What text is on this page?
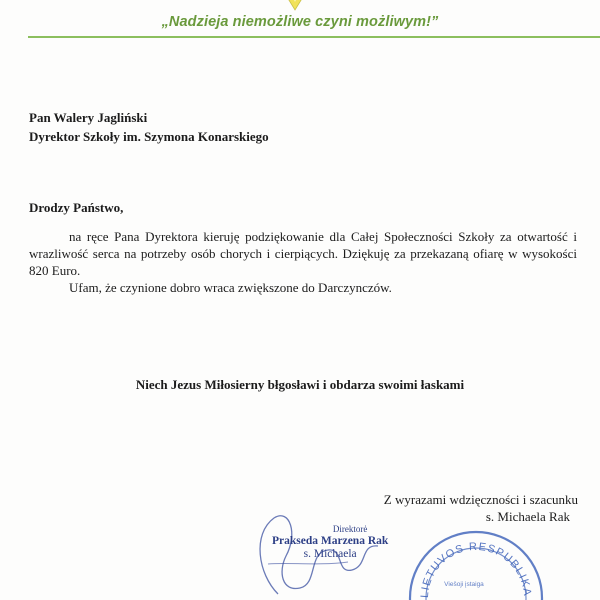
„Nadzieja niemożliwe czyni możliwym!”
Pan Walery Jagliński
Dyrektor Szkoły im. Szymona Konarskiego
Drodzy Państwo,

na ręce Pana Dyrektora kieruję podziękowanie dla Całej Społeczności Szkoły za otwartość i wrazliwość serca na potrzeby osób chorych i cierpiących. Dziękuję za przekazaną ofiarę w wysokości 820 Euro.

Ufam, że czynione dobro wraca zwiększone do Darczynczów.

Niech Jezus Miłosierny błgosławi i obdarza swoimi łaskami
Z wyrazami wdzięczności i szacunku
s. Michaela Rak
Direktorė
Prakseda Marzena Rak
s. Michaela
LIETUVOS RESPUBLIKA
Viešoji įstaiga
